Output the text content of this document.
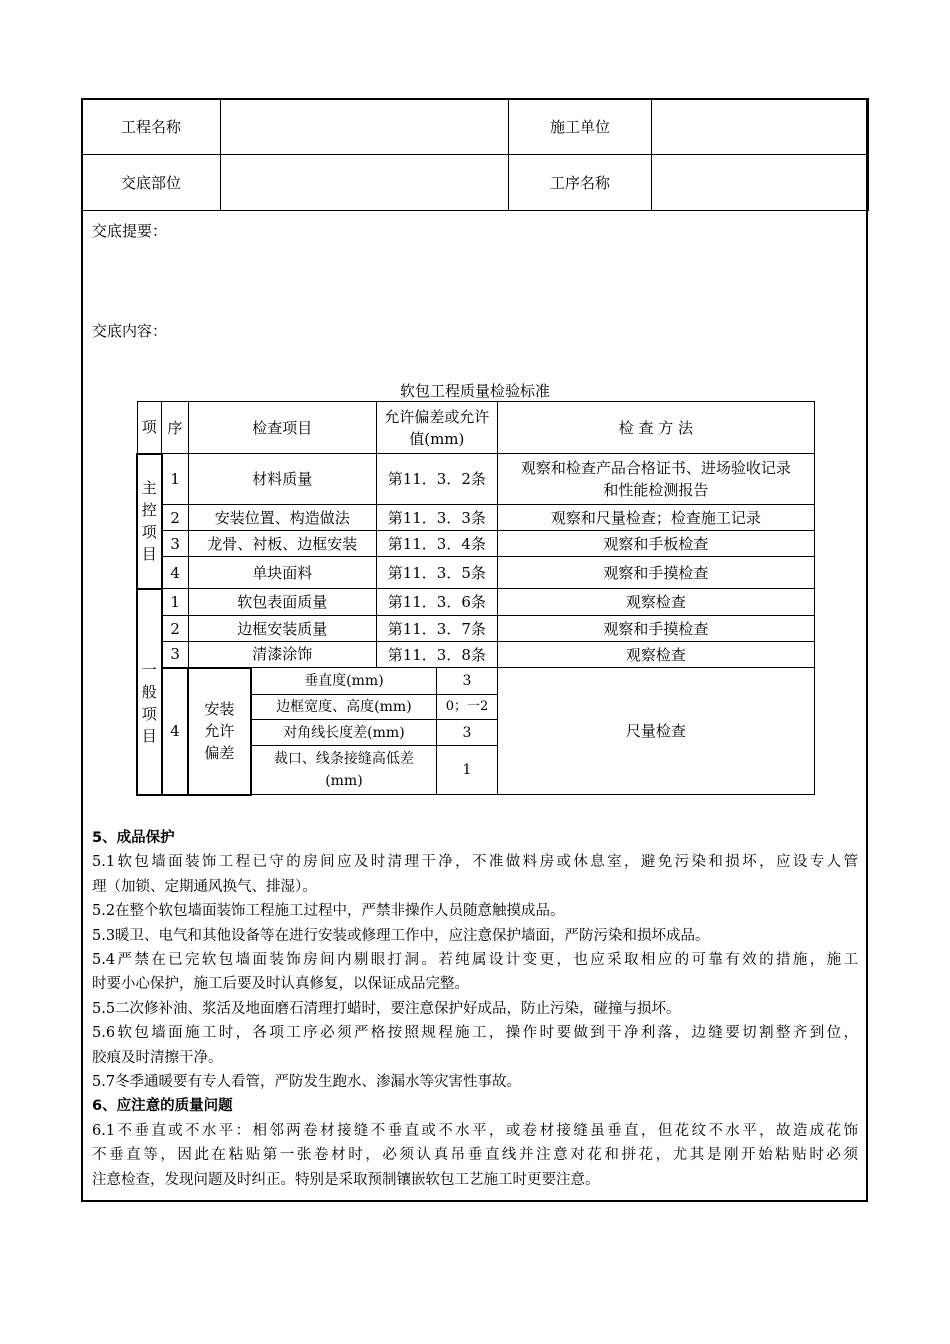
工程名称		施工单位	
交底部位		工序名称	
交底提要：
交底内容：
软包工程质量检验标准
项	序	检查项目		允许偏差或允许
值(mm)		检 查 方 法
主
控
项
目	1	材料质量		第11．3．2条		观察和检查产品合格证书、进场验收记录
和性能检测报告
	2	安装位置、构造做法		第11．3．3条		观察和尺量检查；检查施工记录
	3	龙骨、衬板、边框安装		第11．3．4条		观察和手板检查
	4	单块面料		第11．3．5条		观察和手摸检查

一
般
项
目	1	软包表面质量		第11．3．6条		观察检查
	2	边框安装质量		第11．3．7条		观察和手摸检查
	3	清漆涂饰		第11．3．8条		观察检查
	4	安装
允许
偏差	垂直度(mm)		3	尺量检查
			边框宽度、高度(mm)		0；一2	
			对角线长度差(mm)		3	
			裁口、线条接缝高低差
(mm)		1	

5、成品保护

5.1软包墙面装饰工程已守的房间应及时清理干净，不准做料房或休息室，避免污染和损坏，应设专人管

理（加锁、定期通风换气、排湿）。

5.2在整个软包墙面装饰工程施工过程中，严禁非操作人员随意触摸成品。

5.3暖卫、电气和其他设备等在进行安装或修理工作中，应注意保护墙面，严防污染和损坏成品。

5.4严禁在已完软包墙面装饰房间内剔眼打洞。若纯属设计变更，也应采取相应的可靠有效的措施，施工

时要小心保护，施工后要及时认真修复，以保证成品完整。

5.5二次修补油、浆活及地面磨石清理打蜡时，要注意保护好成品，防止污染，碰撞与损坏。

5.6软包墙面施工时，各项工序必须严格按照规程施工，操作时要做到干净利落，边缝要切割整齐到位，

胶痕及时清擦干净。

5.7冬季通暖要有专人看管，严防发生跑水、渗漏水等灾害性事故。

6、应注意的质量问题

6.1不垂直或不水平：相邻两卷材接缝不垂直或不水平，或卷材接缝虽垂直，但花纹不水平，故造成花饰

不垂直等，因此在粘贴第一张卷材时，必须认真吊垂直线并注意对花和拼花，尤其是刚开始粘贴时必须

注意检查，发现问题及时纠正。特别是采取预制镶嵌软包工艺施工时更要注意。
